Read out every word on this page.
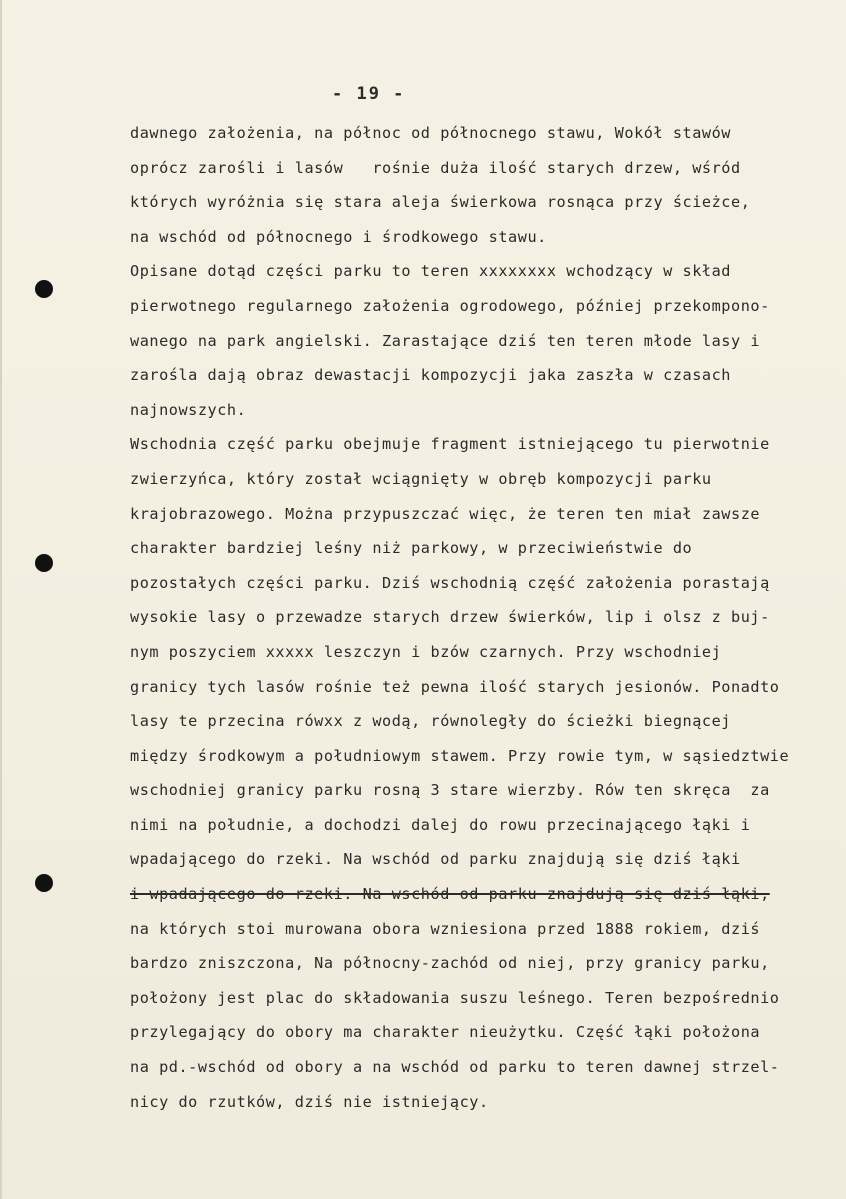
- 19 -
dawnego założenia, na północ od północnego stawu, Wokół stawów
oprócz zarośli i lasów   rośnie duża ilość starych drzew, wśród
których wyróżnia się stara aleja świerkowa rosnąca przy ścieżce,
na wschód od północnego i środkowego stawu.
Opisane dotąd części parku to teren xxxxxxxx wchodzący w skład
pierwotnego regularnego założenia ogrodowego, później przekompono-
wanego na park angielski. Zarastające dziś ten teren młode lasy i
zarośla dają obraz dewastacji kompozycji jaka zaszła w czasach
najnowszych.
Wschodnia część parku obejmuje fragment istniejącego tu pierwotnie
zwierzyńca, który został wciągnięty w obręb kompozycji parku
krajobrazowego. Można przypuszczać więc, że teren ten miał zawsze
charakter bardziej leśny niż parkowy, w przeciwieństwie do
pozostałych części parku. Dziś wschodnią część założenia porastają
wysokie lasy o przewadze starych drzew świerków, lip i olsz z buj-
nym poszyciem xxxxx leszczyn i bzów czarnych. Przy wschodniej
granicy tych lasów rośnie też pewna ilość starych jesionów. Ponadto
lasy te przecina rówxx z wodą, równoległy do ścieżki biegnącej
między środkowym a południowym stawem. Przy rowie tym, w sąsiedztwie
wschodniej granicy parku rosną 3 stare wierzby. Rów ten skręca  za
nimi na południe, a dochodzi dalej do rowu przecinającego łąki i
wpadającego do rzeki. Na wschód od parku znajdują się dziś łąki
i wpadającego do rzeki. Na wschód od parku znajdują się dziś łąki,
na których stoi murowana obora wzniesiona przed 1888 rokiem, dziś
bardzo zniszczona, Na północny-zachód od niej, przy granicy parku,
położony jest plac do składowania suszu leśnego. Teren bezpośrednio
przylegający do obory ma charakter nieużytku. Część łąki położona
na pd.-wschód od obory a na wschód od parku to teren dawnej strzel-
nicy do rzutków, dziś nie istniejący.
